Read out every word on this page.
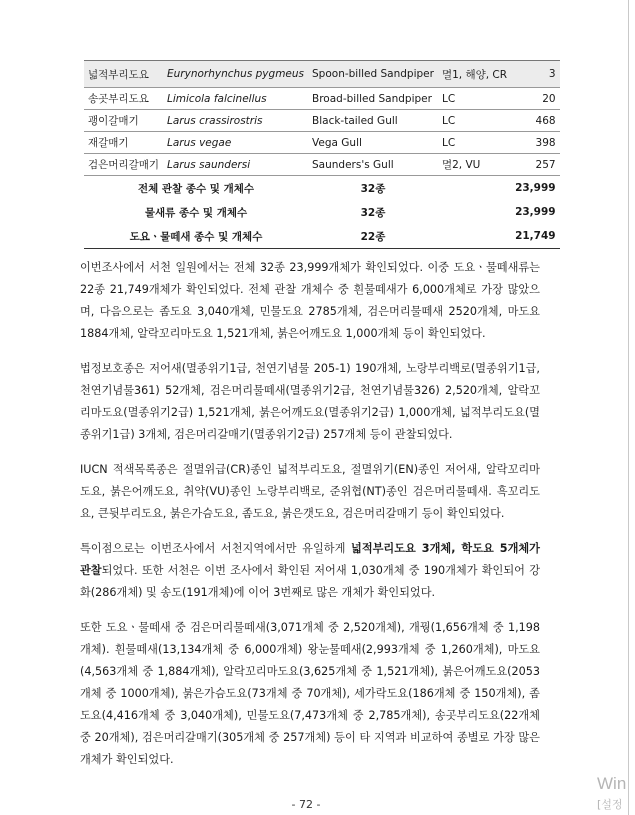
넓적부리도요	Eurynorhynchus pygmeus	Spoon-billed Sandpiper	멸1, 해양, CR	3
송곳부리도요	Limicola falcinellus	Broad-billed Sandpiper	LC	20
괭이갈매기	Larus crassirostris	Black-tailed Gull	LC	468
재갈매기	Larus vegae	Vega Gull	LC	398
검은머리갈매기	Larus saundersi	Saunders's Gull	멸2, VU	257
전체 관찰 종수 및 개체수		32종		23,999
물새류 종수 및 개체수		32종		23,999
도요ㆍ물떼새 종수 및 개체수		22종		21,749

이번조사에서 서천 일원에서는 전체 32종 23,999개체가 확인되었다. 이중 도요ㆍ물떼새류는 22종 21,749개체가 확인되었다. 전체 관찰 개체수 중 흰물떼새가 6,000개체로 가장 많았으며, 다음으로는 좀도요 3,040개체, 민물도요 2785개체, 검은머리물떼새 2520개체, 마도요 1884개체, 알락꼬리마도요 1,521개체, 붉은어깨도요 1,000개체 등이 확인되었다.

법정보호종은 저어새(멸종위기1급, 천연기념물 205-1) 190개체, 노랑부리백로(멸종위기1급, 천연기념물361) 52개체, 검은머리물떼새(멸종위기2급, 천연기념물326) 2,520개체, 알락꼬리마도요(멸종위기2급) 1,521개체, 붉은어깨도요(멸종위기2급) 1,000개체, 넓적부리도요(멸종위기1급) 3개체, 검은머리갈매기(멸종위기2급) 257개체 등이 관찰되었다.

IUCN 적색목록종은 절멸위급(CR)종인 넓적부리도요, 절멸위기(EN)종인 저어새, 알락꼬리마도요, 붉은어깨도요, 취약(VU)종인 노랑부리백로, 준위협(NT)종인 검은머리물떼새. 흑꼬리도요, 큰뒷부리도요, 붉은가슴도요, 좀도요, 붉은갯도요, 검은머리갈매기 등이 확인되었다.

특이점으로는 이번조사에서 서천지역에서만 유일하게 넓적부리도요 3개체, 학도요 5개체가 관찰되었다. 또한 서천은 이번 조사에서 확인된 저어새 1,030개체 중 190개체가 확인되어 강화(286개체) 및 송도(191개체)에 이어 3번째로 많은 개체가 확인되었다.

또한 도요ㆍ물떼새 중 검은머리물떼새(3,071개체 중 2,520개체), 개꿩(1,656개체 중 1,198개체). 흰물떼새(13,134개체 중 6,000개체) 왕눈물떼새(2,993개체 중 1,260개체), 마도요(4,563개체 중 1,884개체), 알락꼬리마도요(3,625개체 중 1,521개체), 붉은어깨도요(2053개체 중 1000개체), 붉은가슴도요(73개체 중 70개체), 세가락도요(186개체 중 150개체), 좀도요(4,416개체 중 3,040개체), 민물도요(7,473개체 중 2,785개체), 송곳부리도요(22개체 중 20개체), 검은머리갈매기(305개체 중 257개체) 등이 타 지역과 비교하여 종별로 가장 많은 개체가 확인되었다.

- 72 -
Win
[설정
